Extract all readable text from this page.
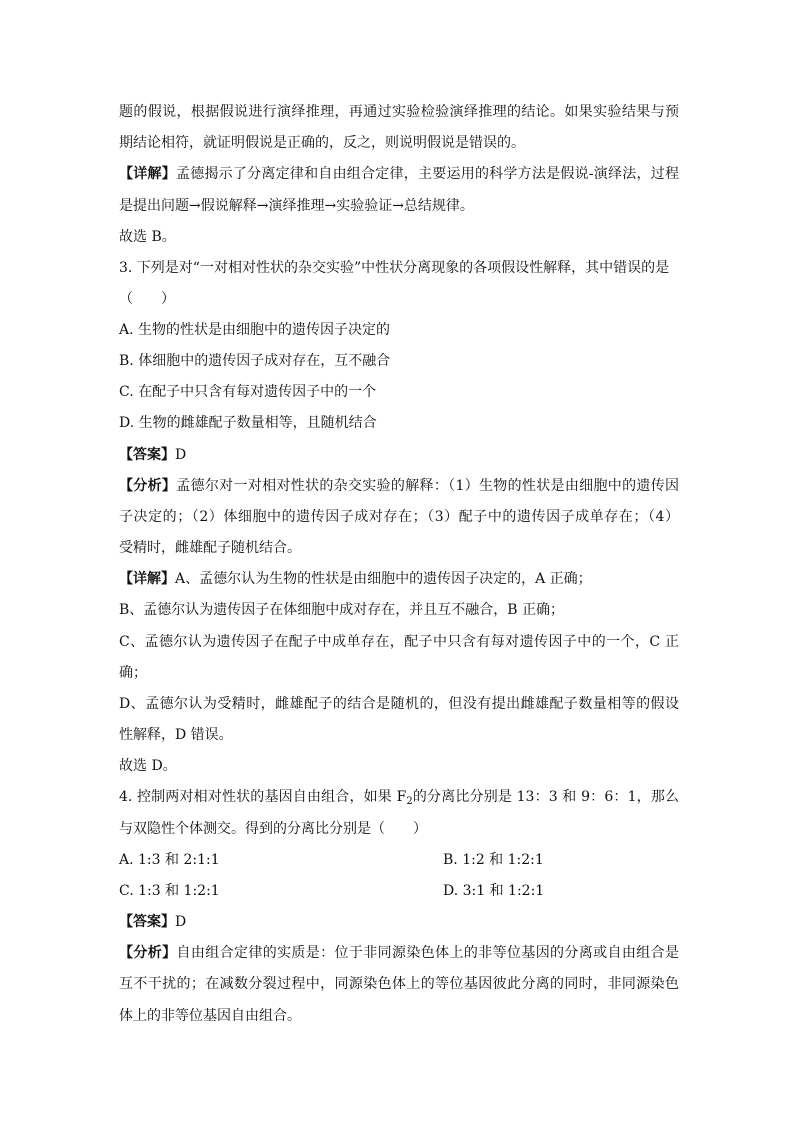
题的假说，根据假说进行演绎推理，再通过实验检验演绎推理的结论。如果实验结果与预
期结论相符，就证明假说是正确的，反之，则说明假说是错误的。
【详解】孟德揭示了分离定律和自由组合定律，主要运用的科学方法是假说-演绎法，过程
是提出问题→假说解释→演绎推理→实验验证→总结规律。
故选 B。
3. 下列是对“一对相对性状的杂交实验”中性状分离现象的各项假设性解释，其中错误的是
（　　）
A. 生物的性状是由细胞中的遗传因子决定的
B. 体细胞中的遗传因子成对存在，互不融合
C. 在配子中只含有每对遗传因子中的一个
D. 生物的雌雄配子数量相等，且随机结合
【答案】D
【分析】孟德尔对一对相对性状的杂交实验的解释：（1）生物的性状是由细胞中的遗传因
子决定的；（2）体细胞中的遗传因子成对存在；（3）配子中的遗传因子成单存在；（4）
受精时，雌雄配子随机结合。
【详解】A、孟德尔认为生物的性状是由细胞中的遗传因子决定的，A 正确；
B、孟德尔认为遗传因子在体细胞中成对存在，并且互不融合，B 正确；
C、孟德尔认为遗传因子在配子中成单存在，配子中只含有每对遗传因子中的一个，C 正
确；
D、孟德尔认为受精时，雌雄配子的结合是随机的，但没有提出雌雄配子数量相等的假设
性解释，D 错误。
故选 D。
4. 控制两对相对性状的基因自由组合，如果 $F_2$的分离比分别是 13：3 和 9：6：1，那么
与双隐性个体测交。得到的分离比分别是（　　）
A. 1:3 和 2:1:1	B. 1:2 和 1:2:1
C. 1:3 和 1:2:1	D. 3:1 和 1:2:1
【答案】D
【分析】自由组合定律的实质是：位于非同源染色体上的非等位基因的分离或自由组合是
互不干扰的；在减数分裂过程中，同源染色体上的等位基因彼此分离的同时，非同源染色
体上的非等位基因自由组合。
